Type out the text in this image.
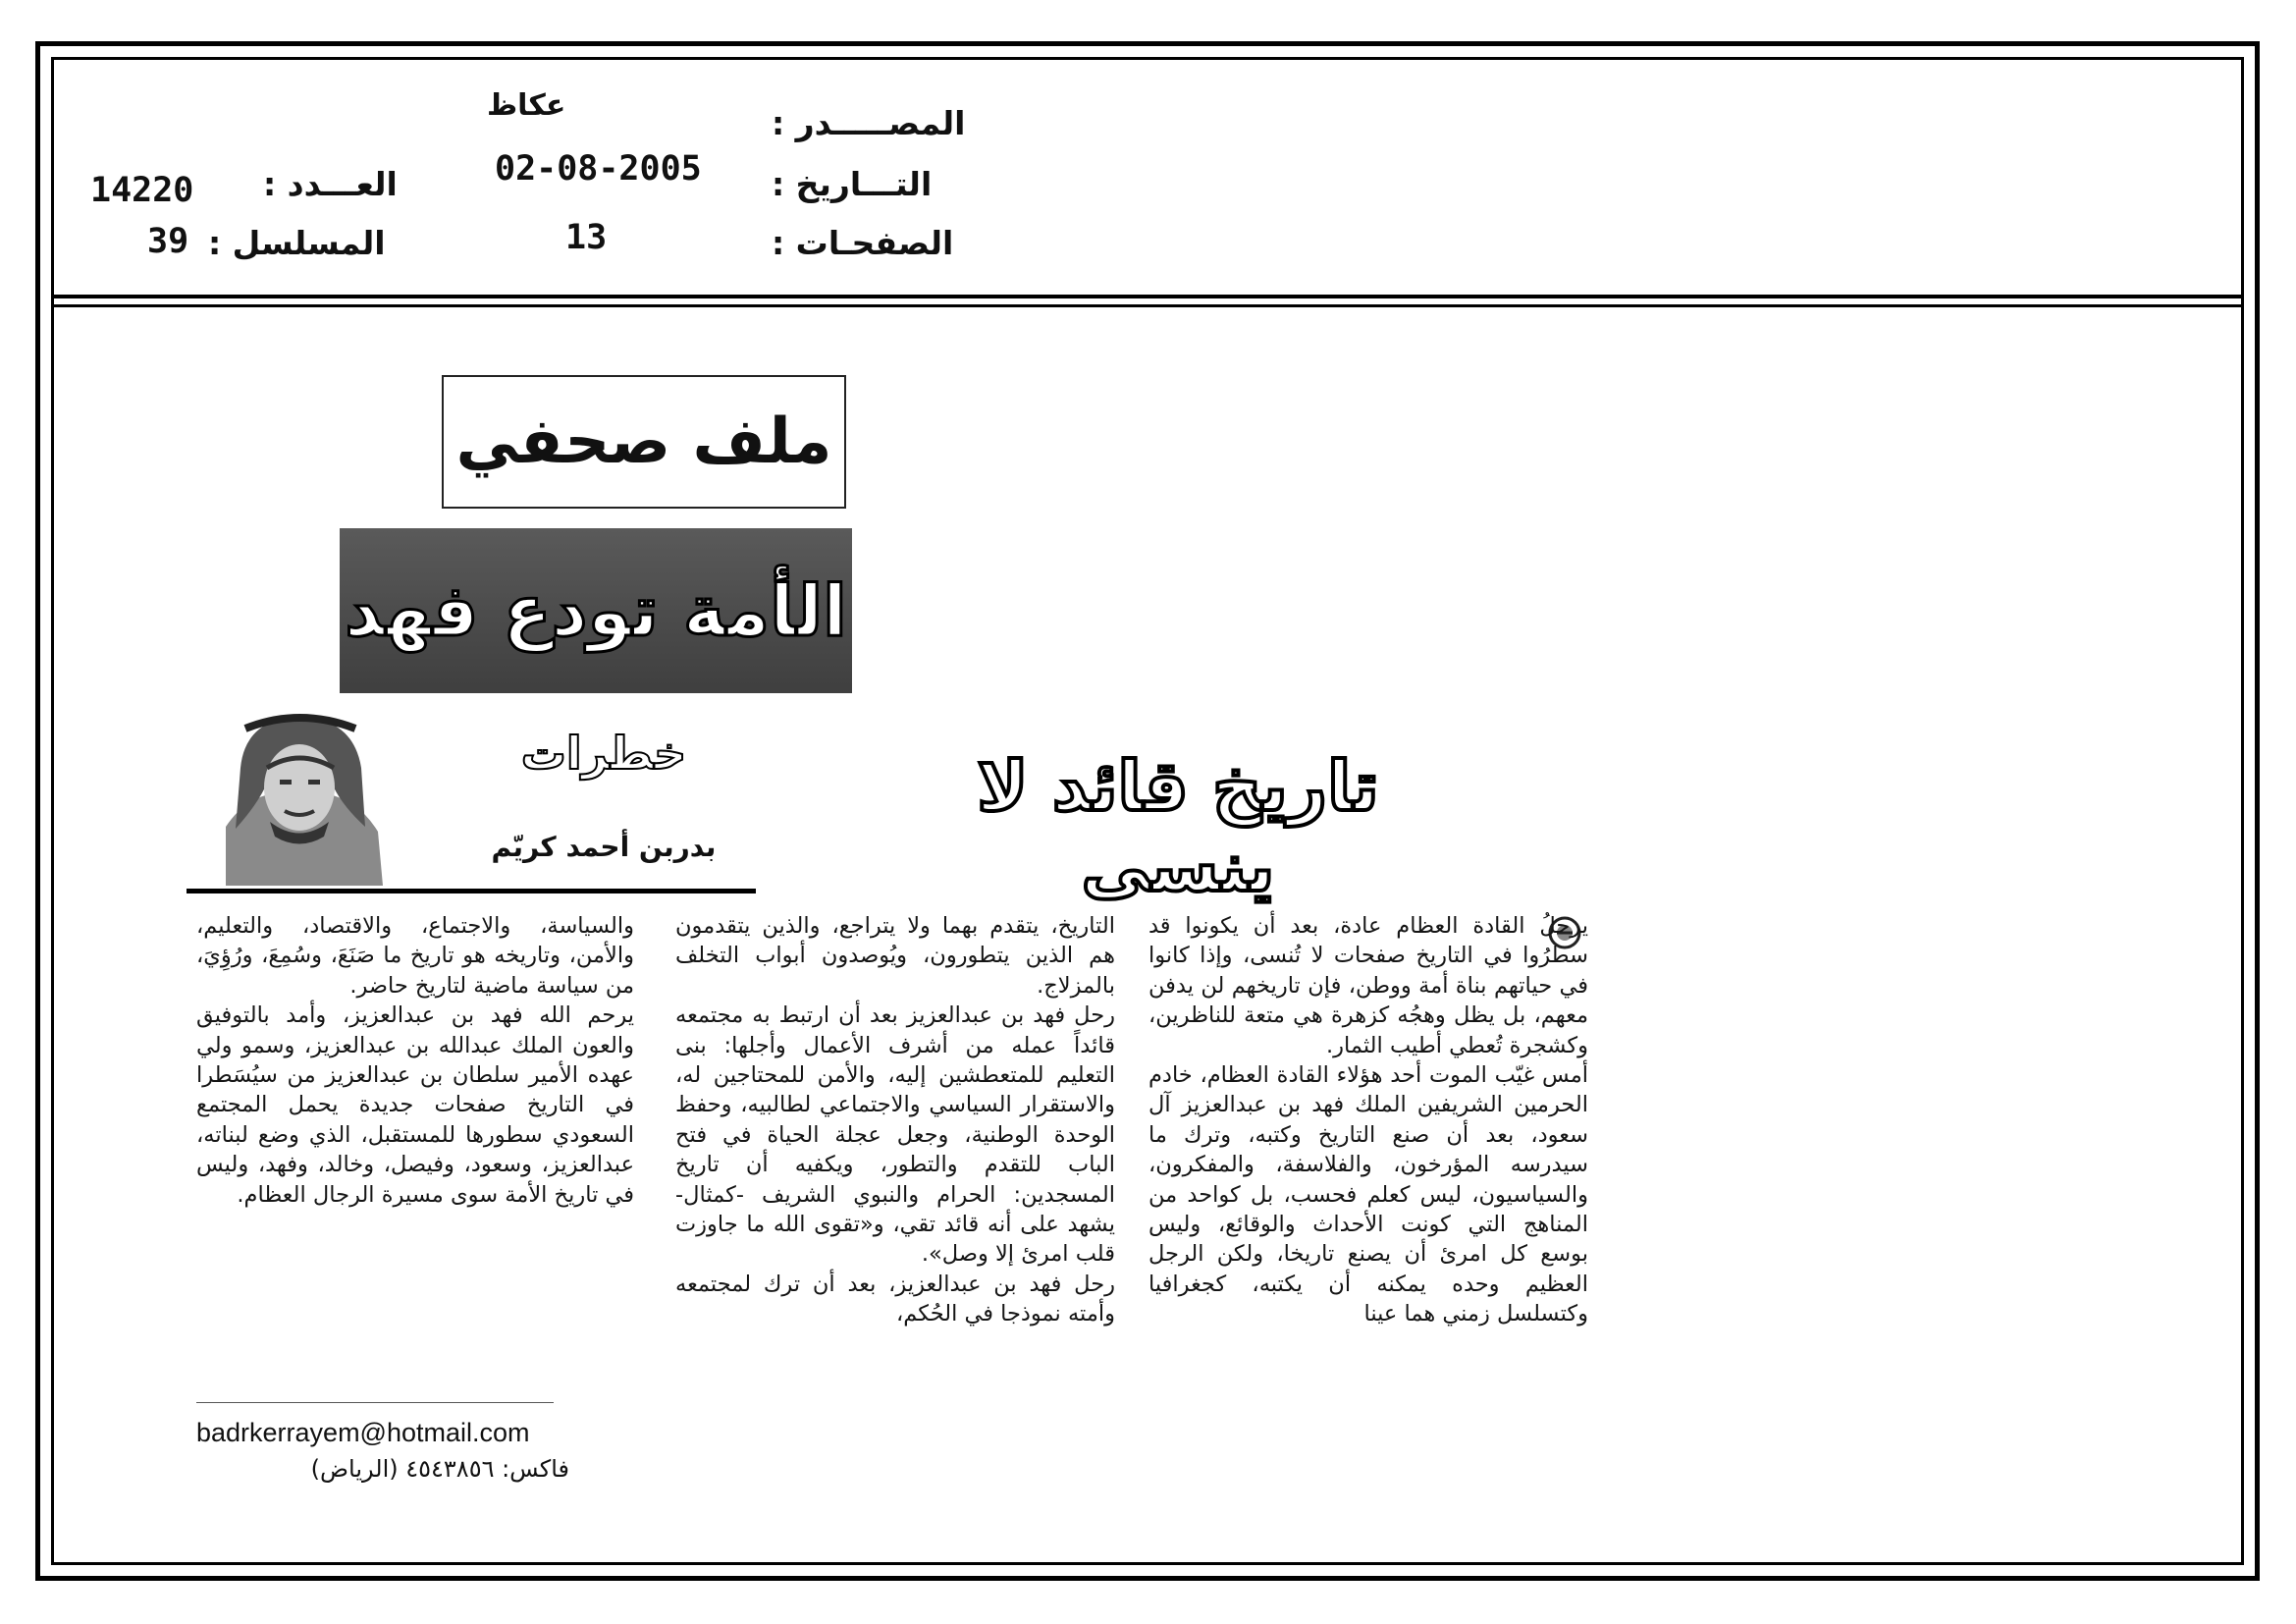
المصـــــدر :
عكاظ
التـــاريخ :
02-08-2005
الصفحـات :
13
العـــدد :
14220
المسلسل :
39
ملف صحفي
الأمة تودع فهد
خطرات
بدربن أحمد كريّم
تاريخ قائد لا ينسى
يرحلُ القادة العظام عادة، بعد أن يكونوا قد سطرُوا في التاريخ صفحات لا تُنسى، وإذا كانوا في حياتهم بناة أمة ووطن، فإن تاريخهم لن يدفن معهم، بل يظل وهجُه كزهرة هي متعة للناظرين، وكشجرة تُعطي أطيب الثمار.
أمس غيّب الموت أحد هؤلاء القادة العظام، خادم الحرمين الشريفين الملك فهد بن عبدالعزيز آل سعود، بعد أن صنع التاريخ وكتبه، وترك ما سيدرسه المؤرخون، والفلاسفة، والمفكرون، والسياسيون، ليس كعلم فحسب، بل كواحد من المناهج التي كونت الأحداث والوقائع، وليس بوسع كل امرئ أن يصنع تاريخا، ولكن الرجل العظيم وحده يمكنه أن يكتبه، كجغرافيا وكتسلسل زمني هما عينا
التاريخ، يتقدم بهما ولا يتراجع، والذين يتقدمون هم الذين يتطورون، ويُوصدون أبواب التخلف بالمزلاج.
رحل فهد بن عبدالعزيز بعد أن ارتبط به مجتمعه قائداً عمله من أشرف الأعمال وأجلها: بنى التعليم للمتعطشين إليه، والأمن للمحتاجين له، والاستقرار السياسي والاجتماعي لطالبيه، وحفظ الوحدة الوطنية، وجعل عجلة الحياة في فتح الباب للتقدم والتطور، ويكفيه أن تاريخ المسجدين: الحرام والنبوي الشريف -كمثال- يشهد على أنه قائد تقي، و«تقوى الله ما جاوزت قلب امرئ إلا وصل».
رحل فهد بن عبدالعزيز، بعد أن ترك لمجتمعه وأمته نموذجا في الحُكم،
والسياسة، والاجتماع، والاقتصاد، والتعليم، والأمن، وتاريخه هو تاريخ ما صَنَعَ، وسُمِعَ، ورُؤِيَ، من سياسة ماضية لتاريخ حاضر.
يرحم الله فهد بن عبدالعزيز، وأمد بالتوفيق والعون الملك عبدالله بن عبدالعزيز، وسمو ولي عهده الأمير سلطان بن عبدالعزيز من سيُسَطرا في التاريخ صفحات جديدة يحمل المجتمع السعودي سطورها للمستقبل، الذي وضع لبناته، عبدالعزيز، وسعود، وفيصل، وخالد، وفهد، وليس في تاريخ الأمة سوى مسيرة الرجال العظام.
badrkerrayem@hotmail.com
فاكس: ٤٥٤٣٨٥٦ (الرياض)
